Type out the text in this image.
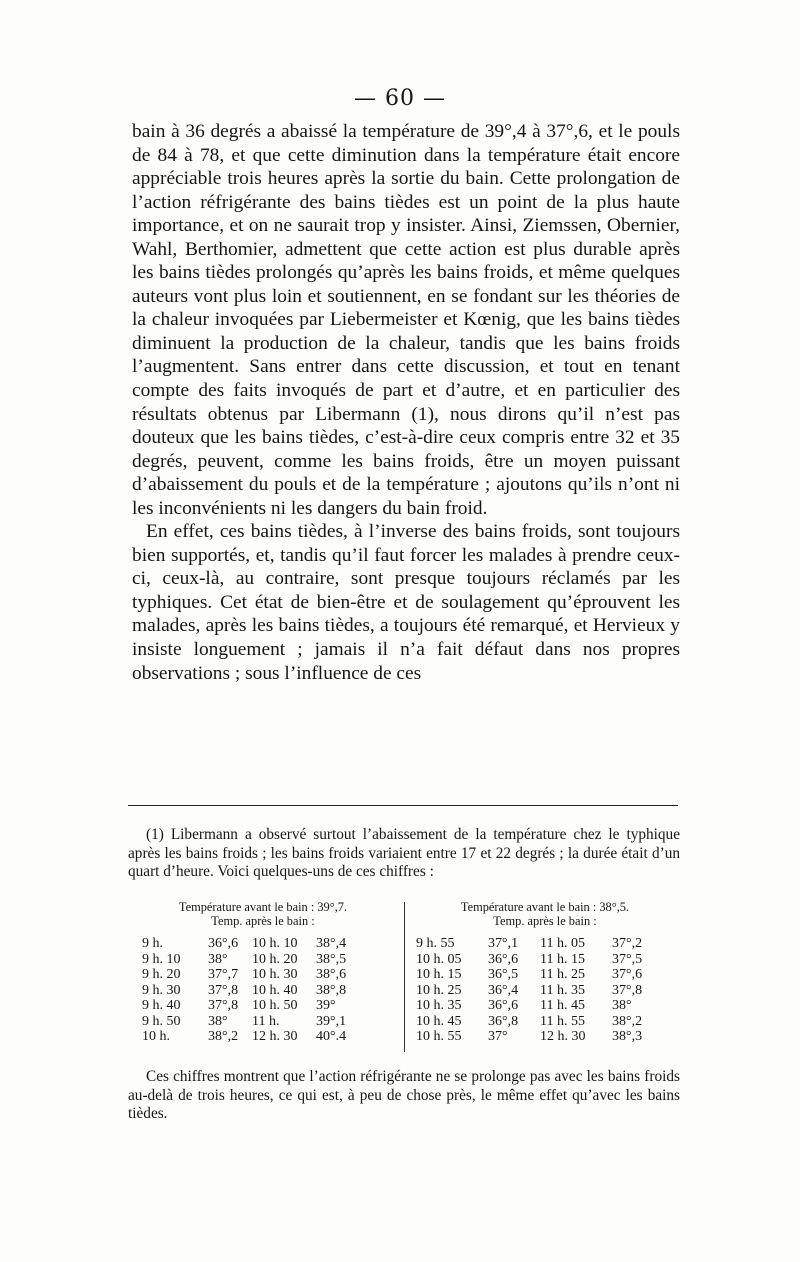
— 60 —

bain à 36 degrés a abaissé la température de 39°,4 à 37°,6, et le pouls de 84 à 78, et que cette diminution dans la température était encore appréciable trois heures après la sortie du bain. Cette prolongation de l’action réfrigérante des bains tièdes est un point de la plus haute importance, et on ne saurait trop y insister. Ainsi, Ziemssen, Obernier, Wahl, Berthomier, admettent que cette action est plus durable après les bains tièdes prolongés qu’après les bains froids, et même quelques auteurs vont plus loin et soutiennent, en se fondant sur les théories de la chaleur invoquées par Liebermeister et Kœnig, que les bains tièdes diminuent la production de la chaleur, tandis que les bains froids l’augmentent. Sans entrer dans cette discussion, et tout en tenant compte des faits invoqués de part et d’autre, et en particulier des résultats obtenus par Libermann (1), nous dirons qu’il n’est pas douteux que les bains tièdes, c’est-à-dire ceux compris entre 32 et 35 degrés, peuvent, comme les bains froids, être un moyen puissant d’abaissement du pouls et de la température ; ajoutons qu’ils n’ont ni les inconvénients ni les dangers du bain froid.

En effet, ces bains tièdes, à l’inverse des bains froids, sont toujours bien supportés, et, tandis qu’il faut forcer les malades à prendre ceux-ci, ceux-là, au contraire, sont presque toujours réclamés par les typhiques. Cet état de bien-être et de soulagement qu’éprouvent les malades, après les bains tièdes, a toujours été remarqué, et Hervieux y insiste longuement ; jamais il n’a fait défaut dans nos propres observations ; sous l’influence de ces

(1) Libermann a observé surtout l’abaissement de la température chez le typhique après les bains froids ; les bains froids variaient entre 17 et 22 degrés ; la durée était d’un quart d’heure. Voici quelques-uns de ces chiffres :
Température avant le bain : 39°,7.
Temp. après le bain :
9 h.	36°,6 10 h. 10 38°,4
9 h. 10 38° 10 h. 20 38°,5
9 h. 20 37°,7 10 h. 30 38°,6
9 h. 30 37°,8 10 h. 40 38°,8
9 h. 40 37°,8 10 h. 50 39°
9 h. 50 38° 11 h.	39°,1
10 h.	38°,2 12 h. 30 40°.4
Température avant le bain : 38°,5.
Temp. après le bain :
9 h. 55 37°,1 11 h. 05 37°,2
10 h. 05 36°,6 11 h. 15 37°,5
10 h. 15 36°,5 11 h. 25 37°,6
10 h. 25 36°,4 11 h. 35 37°,8
10 h. 35 36°,6 11 h. 45 38°
10 h. 45 36°,8 11 h. 55 38°,2
10 h. 55 37° 12 h. 30 38°,3
Ces chiffres montrent que l’action réfrigérante ne se prolonge pas avec les bains froids au-delà de trois heures, ce qui est, à peu de chose près, le même effet qu’avec les bains tièdes.
